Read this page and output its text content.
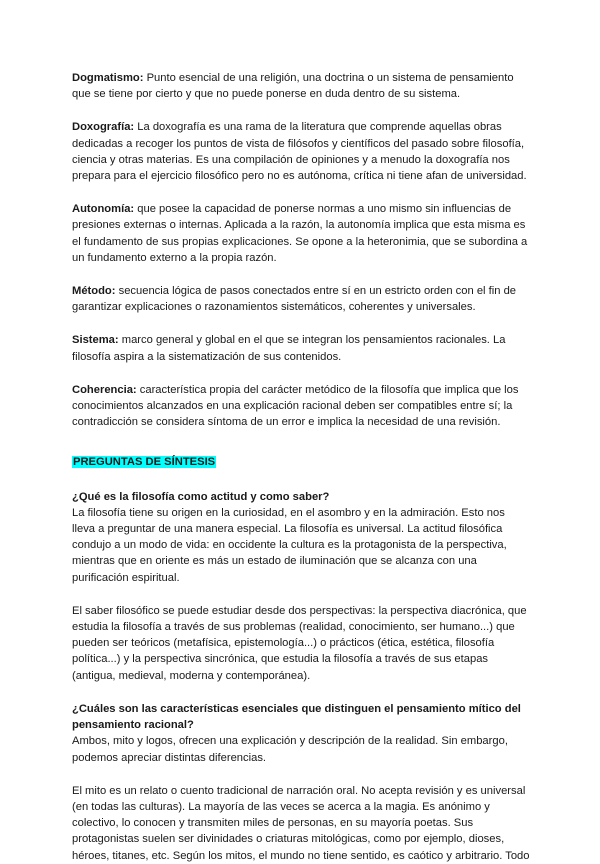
Dogmatismo: Punto esencial de una religión, una doctrina o un sistema de pensamiento que se tiene por cierto y que no puede ponerse en duda dentro de su sistema.

Doxografía: La doxografía es una rama de la literatura que comprende aquellas obras dedicadas a recoger los puntos de vista de filósofos y científicos del pasado sobre filosofía, ciencia y otras materias. Es una compilación de opiniones y a menudo la doxografía nos prepara para el ejercicio filosófico pero no es autónoma, crítica ni tiene afan de universidad.

Autonomía: que posee la capacidad de ponerse normas a uno mismo sin influencias de presiones externas o internas. Aplicada a la razón, la autonomía implica que esta misma es el fundamento de sus propias explicaciones. Se opone a la heteronimia, que se subordina a un fundamento externo a la propia razón.

Método: secuencia lógica de pasos conectados entre sí en un estricto orden con el fin de garantizar explicaciones o razonamientos sistemáticos, coherentes y universales.

Sistema: marco general y global en el que se integran los pensamientos racionales. La filosofía aspira a la sistematización de sus contenidos.

Coherencia: característica propia del carácter metódico de la filosofía que implica que los conocimientos alcanzados en una explicación racional deben ser compatibles entre sí; la contradicción se considera síntoma de un error e implica la necesidad de una revisión.

PREGUNTAS DE SÍNTESIS

¿Qué es la filosofía como actitud y como saber?

La filosofía tiene su origen en la curiosidad, en el asombro y en la admiración. Esto nos lleva a preguntar de una manera especial. La filosofía es universal. La actitud filosófica condujo a un modo de vida: en occidente la cultura es la protagonista de la perspectiva, mientras que en oriente es más un estado de iluminación que se alcanza con una purificación espiritual.

El saber filosófico se puede estudiar desde dos perspectivas: la perspectiva diacrónica, que estudia la filosofía a través de sus problemas (realidad, conocimiento, ser humano...) que pueden ser teóricos (metafísica, epistemología...) o prácticos (ética, estética, filosofía política...) y la perspectiva sincrónica, que estudia la filosofía a través de sus etapas (antigua, medieval, moderna y contemporánea).

¿Cuáles son las características esenciales que distinguen el pensamiento mítico del pensamiento racional?

Ambos, mito y logos, ofrecen una explicación y descripción de la realidad. Sin embargo, podemos apreciar distintas diferencias.

El mito es un relato o cuento tradicional de narración oral. No acepta revisión y es universal (en todas las culturas). La mayoría de las veces se acerca a la magia. Es anónimo y colectivo, lo conocen y transmiten miles de personas, en su mayoría poetas. Sus protagonistas suelen ser divinidades o criaturas mitológicas, como por ejemplo, dioses, héroes, titanes, etc. Según los mitos, el mundo no tiene sentido, es caótico y arbitrario. Todo
